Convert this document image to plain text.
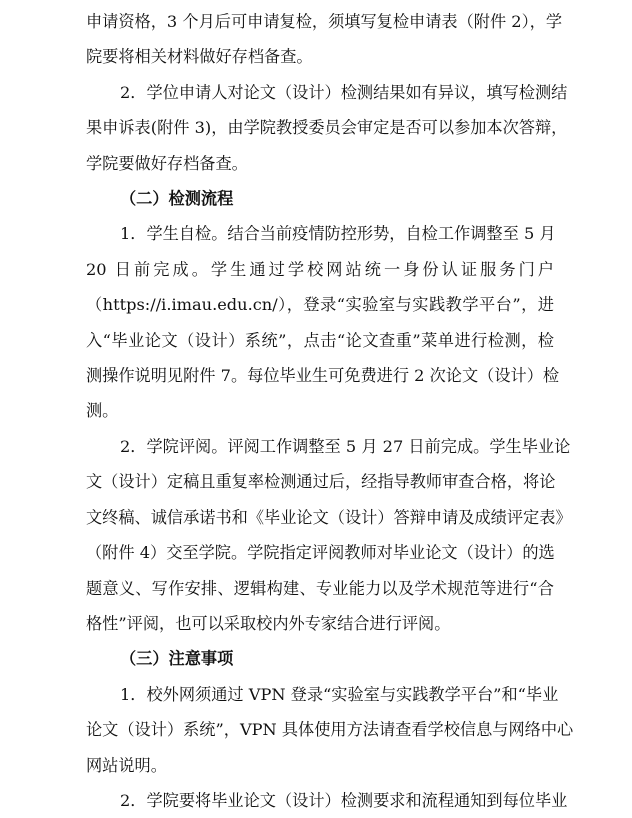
申请资格，3 个月后可申请复检，须填写复检申请表（附件 2），学
院要将相关材料做好存档备查。

2．学位申请人对论文（设计）检测结果如有异议，填写检测结
果申诉表(附件 3)，由学院教授委员会审定是否可以参加本次答辩，
学院要做好存档备查。

（二）检测流程

1．学生自检。结合当前疫情防控形势，自检工作调整至 5 月
20 日前完成。学生通过学校网站统一身份认证服务门户
（https://i.imau.edu.cn/），登录“实验室与实践教学平台”，进
入“毕业论文（设计）系统”，点击“论文查重”菜单进行检测，检
测操作说明见附件 7。每位毕业生可免费进行 2 次论文（设计）检
测。

2．学院评阅。评阅工作调整至 5 月 27 日前完成。学生毕业论
文（设计）定稿且重复率检测通过后，经指导教师审查合格，将论
文终稿、诚信承诺书和《毕业论文（设计）答辩申请及成绩评定表》
（附件 4）交至学院。学院指定评阅教师对毕业论文（设计）的选
题意义、写作安排、逻辑构建、专业能力以及学术规范等进行“合
格性”评阅，也可以采取校内外专家结合进行评阅。

（三）注意事项

1．校外网须通过 VPN 登录“实验室与实践教学平台”和“毕业
论文（设计）系统”，VPN 具体使用方法请查看学校信息与网络中心
网站说明。

2．学院要将毕业论文（设计）检测要求和流程通知到每位毕业
